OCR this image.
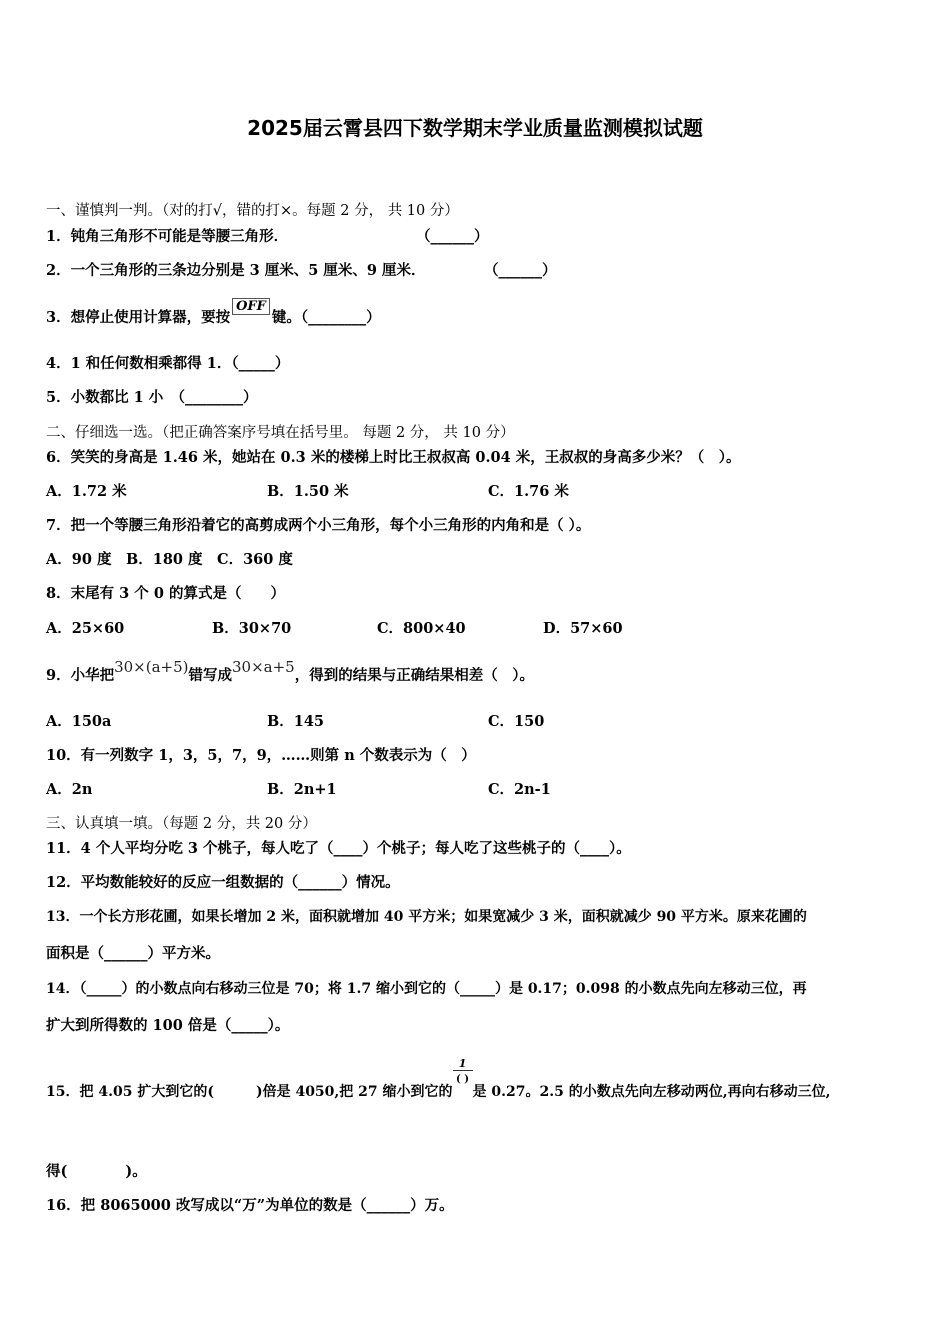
2025届云霄县四下数学期末学业质量监测模拟试题
一、谨慎判一判。（对的打√，错的打×。每题 2 分， 共 10 分）
1．钝角三角形不可能是等腰三角形．	（______）
2．一个三角形的三条边分别是 3 厘米、5 厘米、9 厘米．	（______）
3．想停止使用计算器，要按OFF键。（________）
4．1 和任何数相乘都得 1．（_____）
5．小数都比 1 小　（________）
二、仔细选一选。（把正确答案序号填在括号里。 每题 2 分， 共 10 分）
6．笑笑的身高是 1.46 米，她站在 0.3 米的楼梯上时比王叔叔高 0.04 米，王叔叔的身高多少米？（　）。
A．1.72 米	B．1.50 米	C．1.76 米
7．把一个等腰三角形沿着它的高剪成两个小三角形，每个小三角形的内角和是（ ）。
A．90 度　B．180 度　C．360 度
8．末尾有 3 个 0 的算式是（　　）
A．25×60	B．30×70	C．800×40	D．57×60
9．小华把30×(a+5)错写成30×a+5，得到的结果与正确结果相差（　）。
A．150a	B．145	C．150
10．有一列数字 1，3，5，7，9，……则第 n 个数表示为（　）
A．2n	B．2n+1	C．2n-1
三、认真填一填。（每题 2 分，共 20 分）
11．4 个人平均分吃 3 个桃子，每人吃了（____）个桃子；每人吃了这些桃子的（____）。
12．平均数能较好的反应一组数据的（______）情况。
13．一个长方形花圃，如果长增加 2 米，面积就增加 40 平方米；如果宽减少 3 米，面积就减少 90 平方米。原来花圃的
面积是（______）平方米。
14．（_____）的小数点向右移动三位是 70；将 1.7 缩小到它的（_____）是 0.17；0.098 的小数点先向左移动三位，再
扩大到所得数的 100 倍是（_____）。
15．把 4.05 扩大到它的(　　　)倍是 4050,把 27 缩小到它的 $\frac{1}{( )}$ 是 0.27。2.5 的小数点先向左移动两位,再向右移动三位,
得(　　　　)。
16．把 8065000 改写成以“万”为单位的数是（______）万。
